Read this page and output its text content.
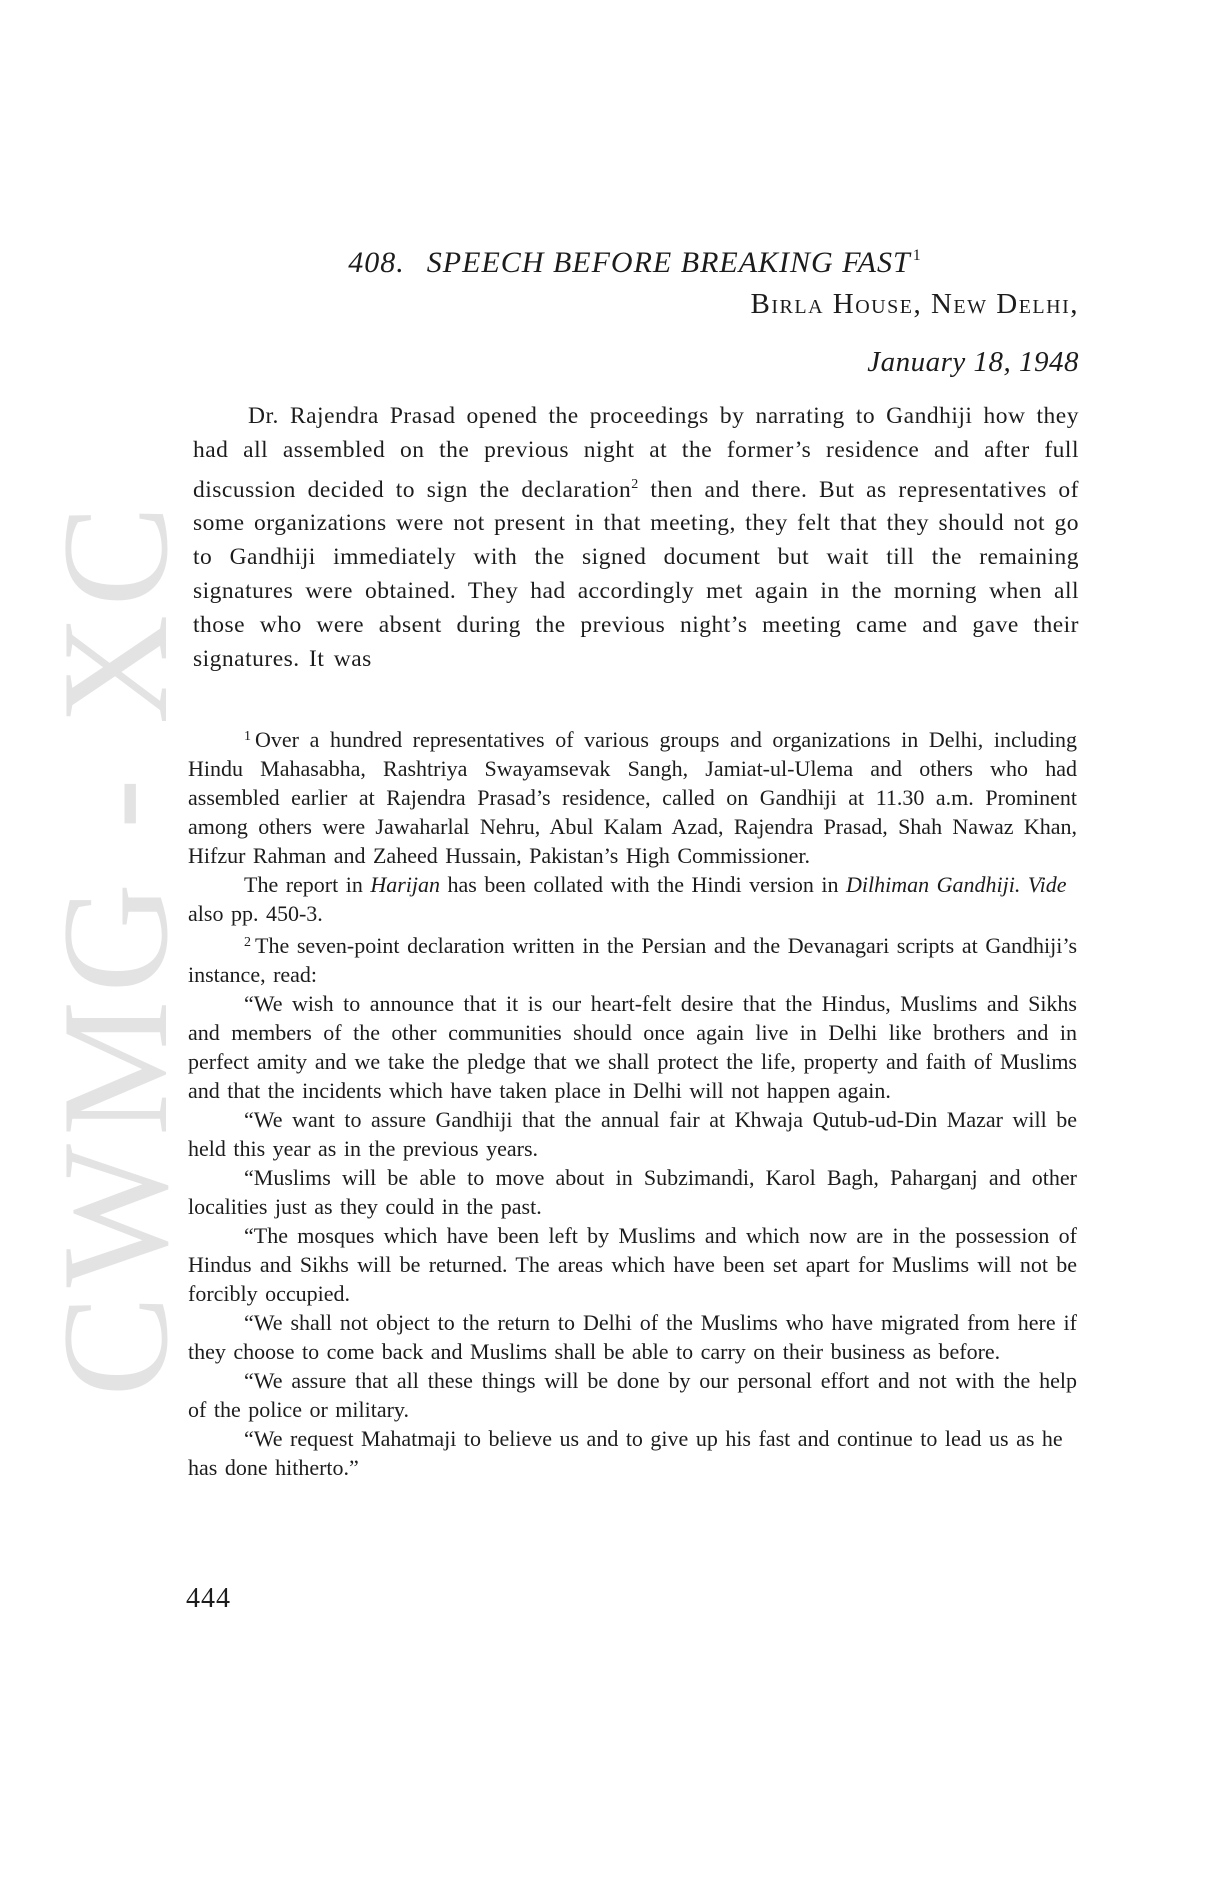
CWMG - XC
408. SPEECH BEFORE BREAKING FAST $^1$
Birla House, New Delhi,
January 18, 1948
Dr. Rajendra Prasad opened the proceedings by narrating to Gandhiji how they had all assembled on the previous night at the former’s residence and after full discussion decided to sign the declaration$^2$ then and there. But as representatives of some organizations were not present in that meeting, they felt that they should not go to Gandhiji immediately with the signed document but wait till the remaining signatures were obtained. They had accordingly met again in the morning when all those who were absent during the previous night’s meeting came and gave their signatures. It was

$^1$ Over a hundred representatives of various groups and organizations in Delhi, including Hindu Mahasabha, Rashtriya Swayamsevak Sangh, Jamiat-ul-Ulema and others who had assembled earlier at Rajendra Prasad’s residence, called on Gandhiji at 11.30 a.m. Prominent among others were Jawaharlal Nehru, Abul Kalam Azad, Rajendra Prasad, Shah Nawaz Khan, Hifzur Rahman and Zaheed Hussain, Pakistan’s High Commissioner.

The report in Harijan has been collated with the Hindi version in Dilhiman Gandhiji. Vide also pp. 450-3.

$^2$ The seven-point declaration written in the Persian and the Devanagari scripts at Gandhiji’s instance, read:

“We wish to announce that it is our heart-felt desire that the Hindus, Muslims and Sikhs and members of the other communities should once again live in Delhi like brothers and in perfect amity and we take the pledge that we shall protect the life, property and faith of Muslims and that the incidents which have taken place in Delhi will not happen again.

“We want to assure Gandhiji that the annual fair at Khwaja Qutub-ud-Din Mazar will be held this year as in the previous years.

“Muslims will be able to move about in Subzimandi, Karol Bagh, Paharganj and other localities just as they could in the past.

“The mosques which have been left by Muslims and which now are in the possession of Hindus and Sikhs will be returned. The areas which have been set apart for Muslims will not be forcibly occupied.

“We shall not object to the return to Delhi of the Muslims who have migrated from here if they choose to come back and Muslims shall be able to carry on their business as before.

“We assure that all these things will be done by our personal effort and not with the help of the police or military.

“We request Mahatmaji to believe us and to give up his fast and continue to lead us as he has done hitherto.”

444
